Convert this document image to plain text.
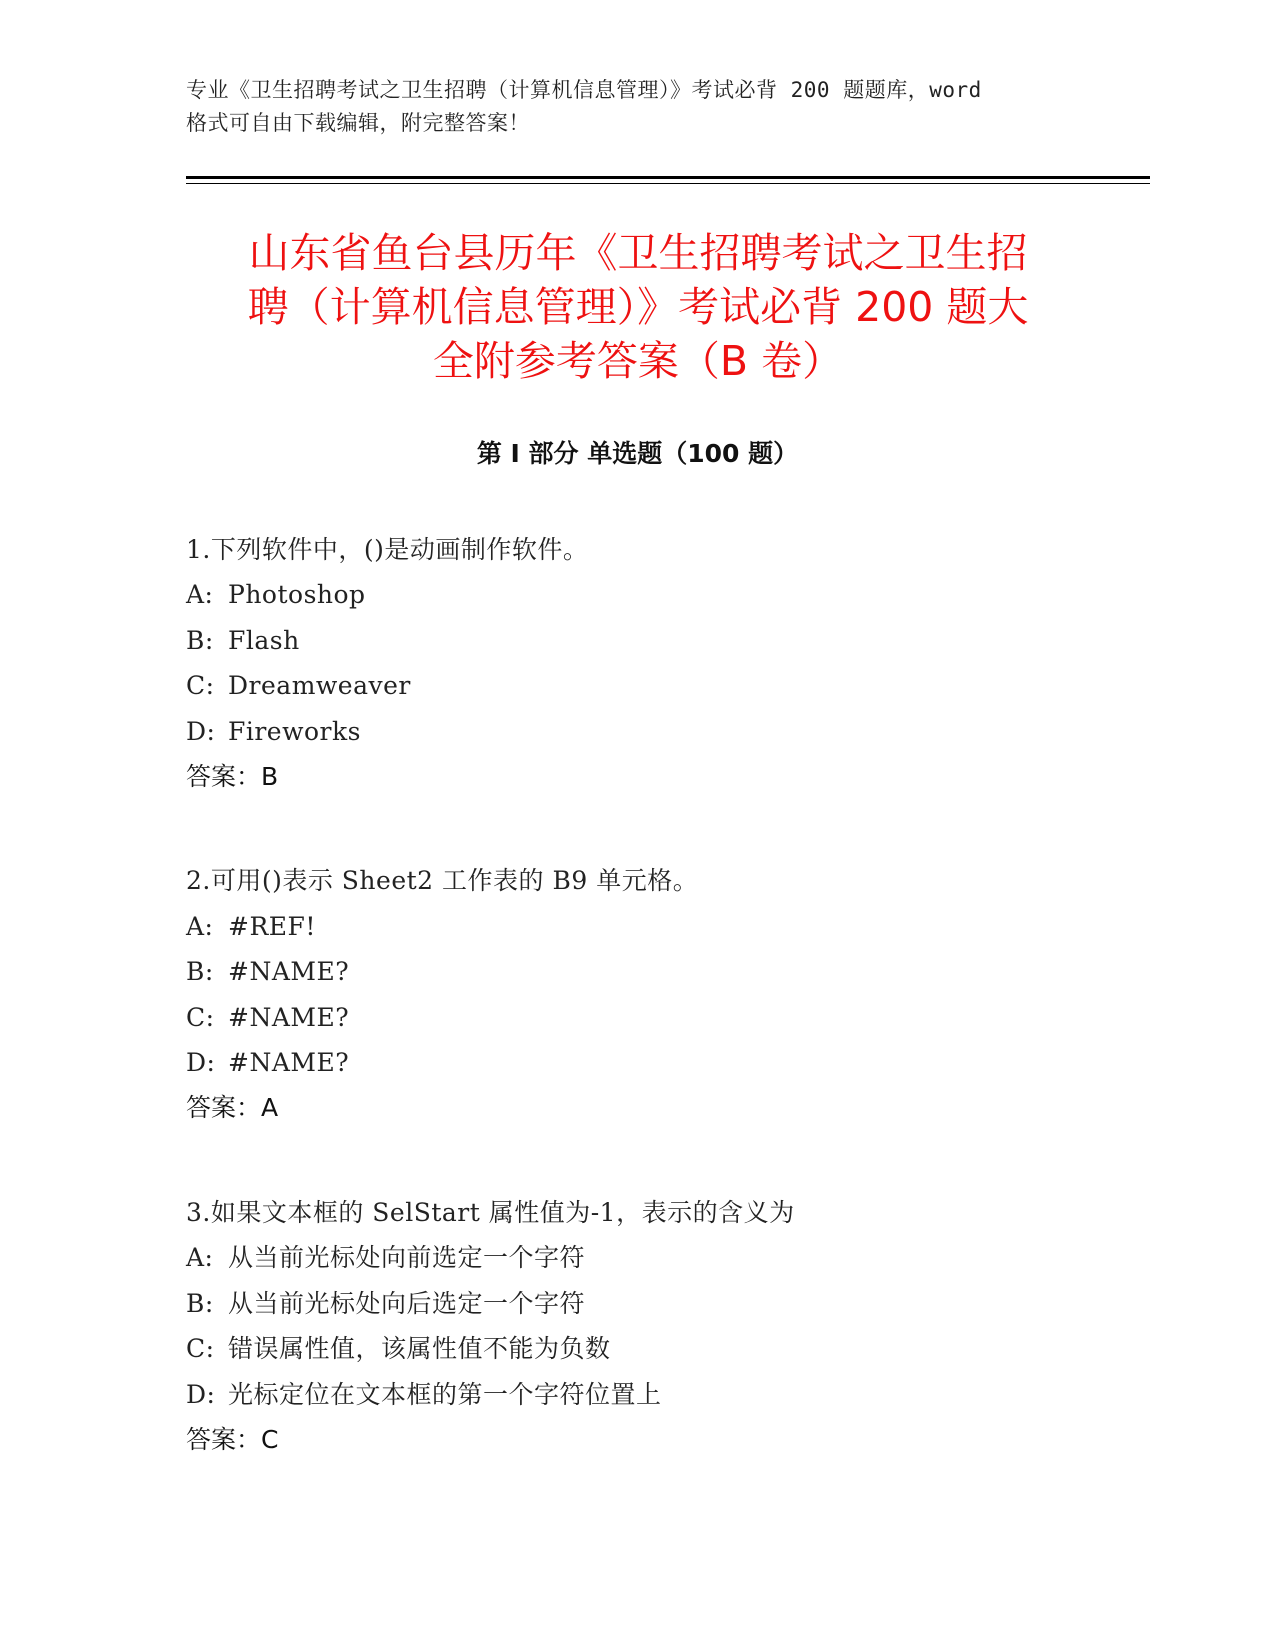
专业《卫生招聘考试之卫生招聘（计算机信息管理）》考试必背 200 题题库，word
格式可自由下载编辑，附完整答案！
山东省鱼台县历年《卫生招聘考试之卫生招
聘（计算机信息管理）》考试必背 200 题大
全附参考答案（B 卷）
第 I 部分 单选题（100 题）
1.下列软件中，()是动画制作软件。
A: Photoshop
B: Flash
C: Dreamweaver
D: Fireworks
答案：B
2.可用()表示 Sheet2 工作表的 B9 单元格。
A: #REF!
B: #NAME?
C: #NAME?
D: #NAME?
答案：A
3.如果文本框的 SelStart 属性值为-1，表示的含义为
A: 从当前光标处向前选定一个字符
B: 从当前光标处向后选定一个字符
C: 错误属性值，该属性值不能为负数
D: 光标定位在文本框的第一个字符位置上
答案：C
